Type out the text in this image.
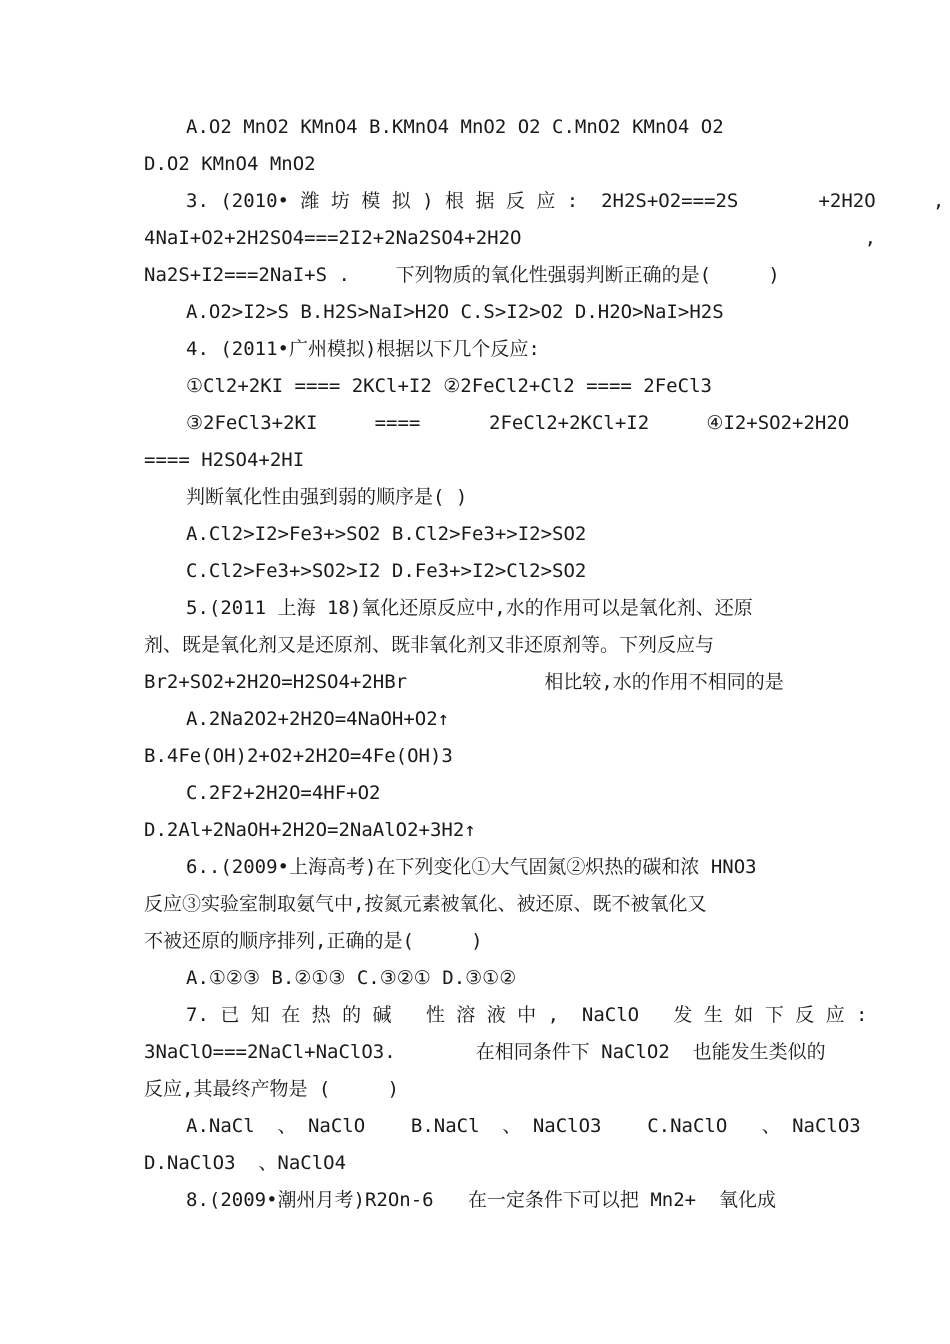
A.O2 MnO2 KMnO4 B.KMnO4 MnO2 O2 C.MnO2 KMnO4 O2
D.O2 KMnO4 MnO2
3. (2010• 潍 坊 模 拟 ) 根 据 反 应 :  2H2S+O2===2S       +2H2O     ,
4NaI+O2+2H2SO4===2I2+2Na2SO4+2H2O                              ,
Na2S+I2===2NaI+S .    下列物质的氧化性强弱判断正确的是(     )
A.O2>I2>S B.H2S>NaI>H2O C.S>I2>O2 D.H2O>NaI>H2S
4. (2011•广州模拟)根据以下几个反应:
①Cl2+2KI ==== 2KCl+I2 ②2FeCl2+Cl2 ==== 2FeCl3
③2FeCl3+2KI     ====      2FeCl2+2KCl+I2     ④I2+SO2+2H2O
==== H2SO4+2HI
判断氧化性由强到弱的顺序是( )
A.Cl2>I2>Fe3+>SO2 B.Cl2>Fe3+>I2>SO2
C.Cl2>Fe3+>SO2>I2 D.Fe3+>I2>Cl2>SO2
5.(2011 上海 18)氧化还原反应中,水的作用可以是氧化剂、还原
剂、既是氧化剂又是还原剂、既非氧化剂又非还原剂等。下列反应与
Br2+SO2+2H2O=H2SO4+2HBr            相比较,水的作用不相同的是
A.2Na2O2+2H2O=4NaOH+O2↑
B.4Fe(OH)2+O2+2H2O=4Fe(OH)3
C.2F2+2H2O=4HF+O2
D.2Al+2NaOH+2H2O=2NaAlO2+3H2↑
6..(2009•上海高考)在下列变化①大气固氮②炽热的碳和浓 HNO3
反应③实验室制取氨气中,按氮元素被氧化、被还原、既不被氧化又
不被还原的顺序排列,正确的是(     )
A.①②③ B.②①③ C.③②① D.③①②
7. 已 知 在 热 的 碱   性 溶 液 中 ,  NaClO   发 生 如 下 反 应 :
3NaClO===2NaCl+NaClO3.       在相同条件下 NaClO2  也能发生类似的
反应,其最终产物是 (     )
A.NaCl  、 NaClO    B.NaCl  、 NaClO3    C.NaClO   、 NaClO3
D.NaClO3  、NaClO4
8.(2009•潮州月考)R2On-6   在一定条件下可以把 Mn2+  氧化成
